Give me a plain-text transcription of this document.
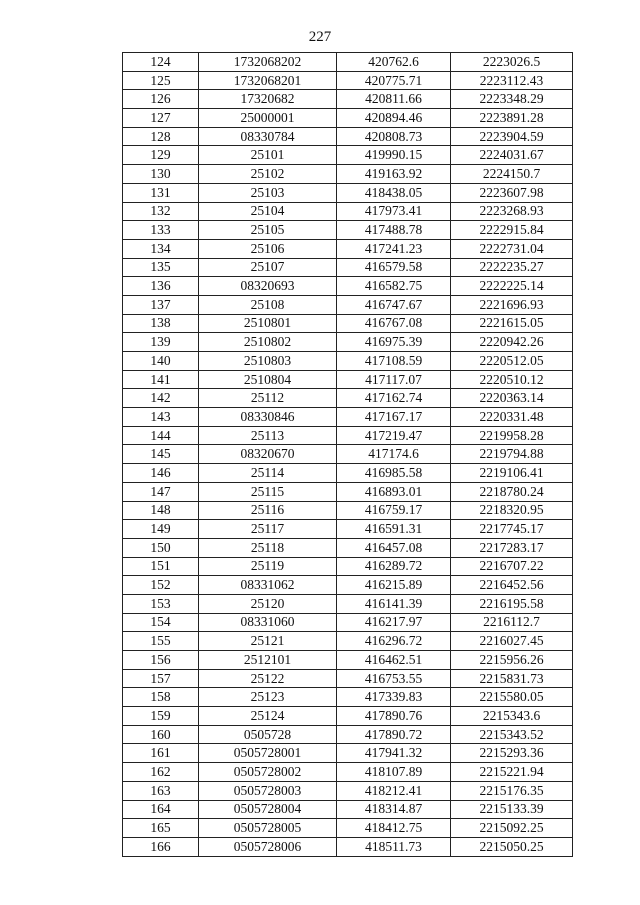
227
124	1732068202	420762.6	2223026.5
125	1732068201	420775.71	2223112.43
126	17320682	420811.66	2223348.29
127	25000001	420894.46	2223891.28
128	08330784	420808.73	2223904.59
129	25101	419990.15	2224031.67
130	25102	419163.92	2224150.7
131	25103	418438.05	2223607.98
132	25104	417973.41	2223268.93
133	25105	417488.78	2222915.84
134	25106	417241.23	2222731.04
135	25107	416579.58	2222235.27
136	08320693	416582.75	2222225.14
137	25108	416747.67	2221696.93
138	2510801	416767.08	2221615.05
139	2510802	416975.39	2220942.26
140	2510803	417108.59	2220512.05
141	2510804	417117.07	2220510.12
142	25112	417162.74	2220363.14
143	08330846	417167.17	2220331.48
144	25113	417219.47	2219958.28
145	08320670	417174.6	2219794.88
146	25114	416985.58	2219106.41
147	25115	416893.01	2218780.24
148	25116	416759.17	2218320.95
149	25117	416591.31	2217745.17
150	25118	416457.08	2217283.17
151	25119	416289.72	2216707.22
152	08331062	416215.89	2216452.56
153	25120	416141.39	2216195.58
154	08331060	416217.97	2216112.7
155	25121	416296.72	2216027.45
156	2512101	416462.51	2215956.26
157	25122	416753.55	2215831.73
158	25123	417339.83	2215580.05
159	25124	417890.76	2215343.6
160	0505728	417890.72	2215343.52
161	0505728001	417941.32	2215293.36
162	0505728002	418107.89	2215221.94
163	0505728003	418212.41	2215176.35
164	0505728004	418314.87	2215133.39
165	0505728005	418412.75	2215092.25
166	0505728006	418511.73	2215050.25
